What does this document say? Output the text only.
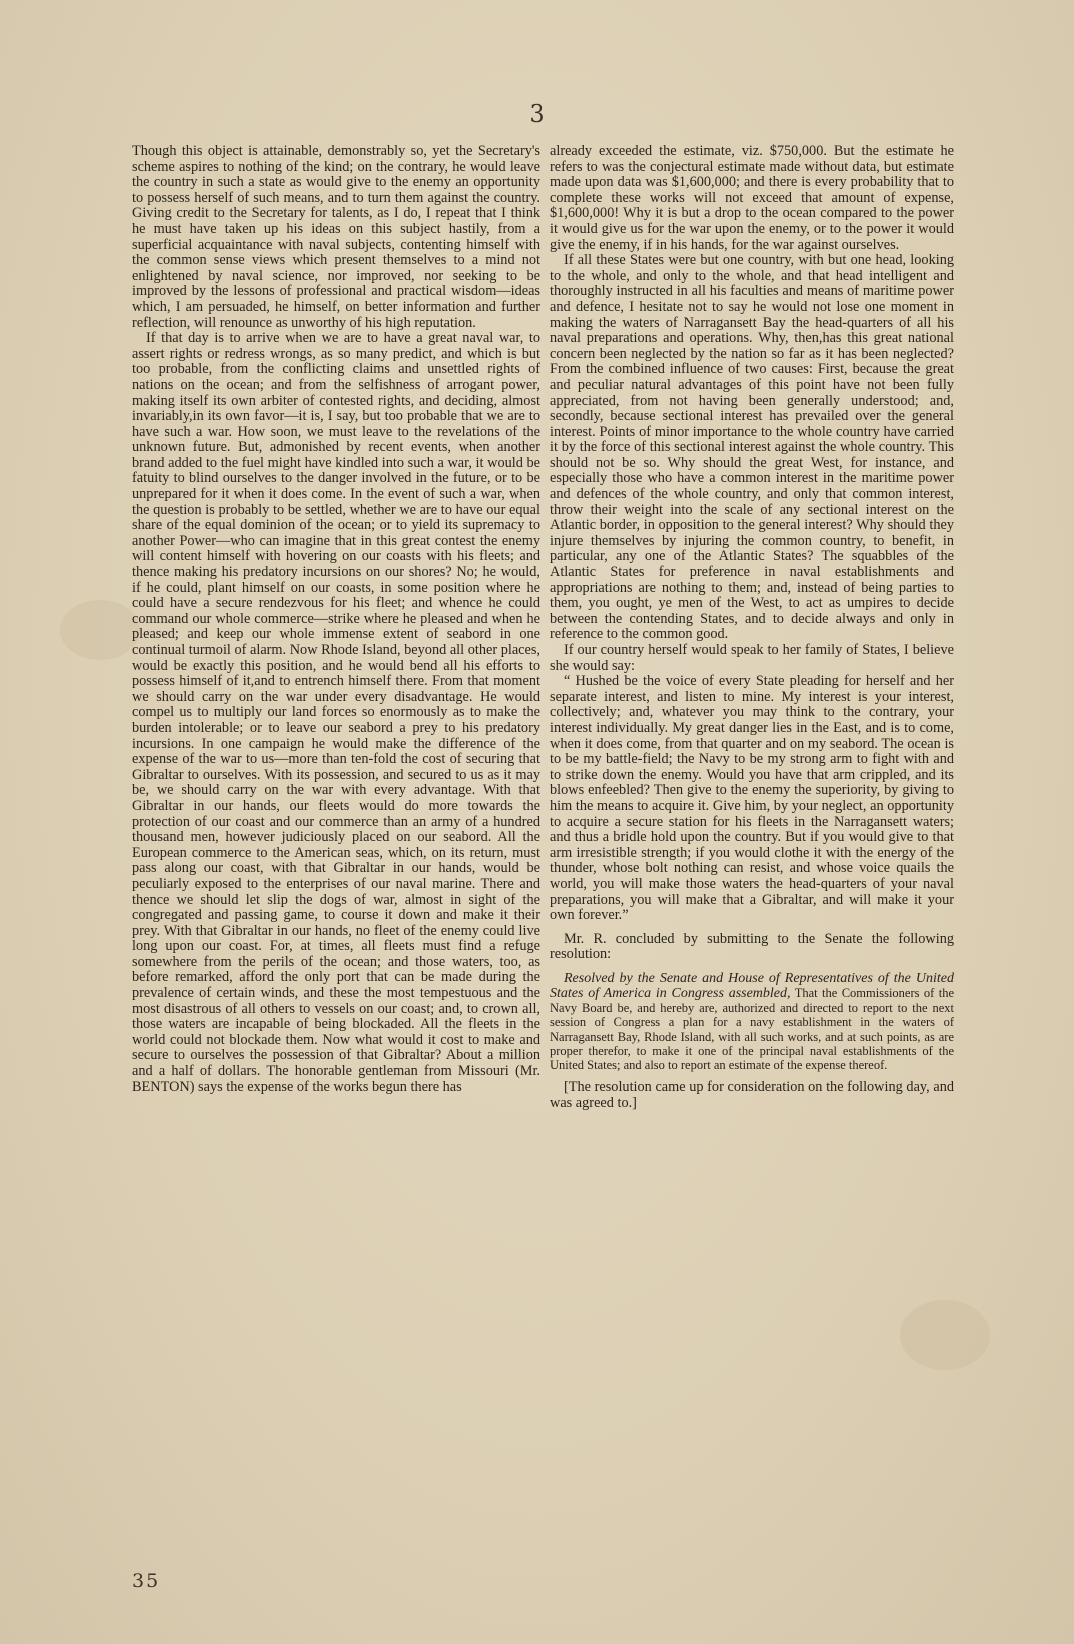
3

Though this object is attainable, demonstrably so, yet the Secretary's scheme aspires to nothing of the kind; on the contrary, he would leave the country in such a state as would give to the enemy an opportunity to possess herself of such means, and to turn them against the country. Giving credit to the Secretary for talents, as I do, I repeat that I think he must have taken up his ideas on this subject hastily, from a superficial acquaintance with naval subjects, contenting himself with the common sense views which present themselves to a mind not enlightened by naval science, nor improved, nor seeking to be improved by the lessons of professional and practical wisdom—ideas which, I am persuaded, he himself, on better information and further reflection, will renounce as unworthy of his high reputation.

If that day is to arrive when we are to have a great naval war, to assert rights or redress wrongs, as so many predict, and which is but too probable, from the conflicting claims and unsettled rights of nations on the ocean; and from the selfishness of arrogant power, making itself its own arbiter of contested rights, and deciding, almost invariably,in its own favor—it is, I say, but too probable that we are to have such a war. How soon, we must leave to the revelations of the unknown future. But, admonished by recent events, when another brand added to the fuel might have kindled into such a war, it would be fatuity to blind ourselves to the danger involved in the future, or to be unprepared for it when it does come. In the event of such a war, when the question is probably to be settled, whether we are to have our equal share of the equal dominion of the ocean; or to yield its supremacy to another Power—who can imagine that in this great contest the enemy will content himself with hovering on our coasts with his fleets; and thence making his predatory incursions on our shores? No; he would, if he could, plant himself on our coasts, in some position where he could have a secure rendezvous for his fleet; and whence he could command our whole commerce—strike where he pleased and when he pleased; and keep our whole immense extent of seabord in one continual turmoil of alarm. Now Rhode Island, beyond all other places, would be exactly this position, and he would bend all his efforts to possess himself of it,and to entrench himself there. From that moment we should carry on the war under every disadvantage. He would compel us to multiply our land forces so enormously as to make the burden intolerable; or to leave our seabord a prey to his predatory incursions. In one campaign he would make the difference of the expense of the war to us—more than ten-fold the cost of securing that Gibraltar to ourselves. With its possession, and secured to us as it may be, we should carry on the war with every advantage. With that Gibraltar in our hands, our fleets would do more towards the protection of our coast and our commerce than an army of a hundred thousand men, however judiciously placed on our seabord. All the European commerce to the American seas, which, on its return, must pass along our coast, with that Gibraltar in our hands, would be peculiarly exposed to the enterprises of our naval marine. There and thence we should let slip the dogs of war, almost in sight of the congregated and passing game, to course it down and make it their prey. With that Gibraltar in our hands, no fleet of the enemy could live long upon our coast. For, at times, all fleets must find a refuge somewhere from the perils of the ocean; and those waters, too, as before remarked, afford the only port that can be made during the prevalence of certain winds, and these the most tempestuous and the most disastrous of all others to vessels on our coast; and, to crown all, those waters are incapable of being blockaded. All the fleets in the world could not blockade them. Now what would it cost to make and secure to ourselves the possession of that Gibraltar? About a million and a half of dollars. The honorable gentleman from Missouri (Mr. BENTON) says the expense of the works begun there has

already exceeded the estimate, viz. $750,000. But the estimate he refers to was the conjectural estimate made without data, but estimate made upon data was $1,600,000; and there is every probability that to complete these works will not exceed that amount of expense, $1,600,000! Why it is but a drop to the ocean compared to the power it would give us for the war upon the enemy, or to the power it would give the enemy, if in his hands, for the war against ourselves.

If all these States were but one country, with but one head, looking to the whole, and only to the whole, and that head intelligent and thoroughly instructed in all his faculties and means of maritime power and defence, I hesitate not to say he would not lose one moment in making the waters of Narragansett Bay the head-quarters of all his naval preparations and operations. Why, then,has this great national concern been neglected by the nation so far as it has been neglected? From the combined influence of two causes: First, because the great and peculiar natural advantages of this point have not been fully appreciated, from not having been generally understood; and, secondly, because sectional interest has prevailed over the general interest. Points of minor importance to the whole country have carried it by the force of this sectional interest against the whole country. This should not be so. Why should the great West, for instance, and especially those who have a common interest in the maritime power and defences of the whole country, and only that common interest, throw their weight into the scale of any sectional interest on the Atlantic border, in opposition to the general interest? Why should they injure themselves by injuring the common country, to benefit, in particular, any one of the Atlantic States? The squabbles of the Atlantic States for preference in naval establishments and appropriations are nothing to them; and, instead of being parties to them, you ought, ye men of the West, to act as umpires to decide between the contending States, and to decide always and only in reference to the common good.

If our country herself would speak to her family of States, I believe she would say:

“ Hushed be the voice of every State pleading for herself and her separate interest, and listen to mine. My interest is your interest, collectively; and, whatever you may think to the contrary, your interest individually. My great danger lies in the East, and is to come, when it does come, from that quarter and on my seabord. The ocean is to be my battle-field; the Navy to be my strong arm to fight with and to strike down the enemy. Would you have that arm crippled, and its blows enfeebled? Then give to the enemy the superiority, by giving to him the means to acquire it. Give him, by your neglect, an opportunity to acquire a secure station for his fleets in the Narragansett waters; and thus a bridle hold upon the country. But if you would give to that arm irresistible strength; if you would clothe it with the energy of the thunder, whose bolt nothing can resist, and whose voice quails the world, you will make those waters the head-quarters of your naval preparations, you will make that a Gibraltar, and will make it your own forever.”

Mr. R. concluded by submitting to the Senate the following resolution:

Resolved by the Senate and House of Representatives of the United States of America in Congress assembled, That the Commissioners of the Navy Board be, and hereby are, authorized and directed to report to the next session of Congress a plan for a navy establishment in the waters of Narragansett Bay, Rhode Island, with all such works, and at such points, as are proper therefor, to make it one of the principal naval establishments of the United States; and also to report an estimate of the expense thereof.

[The resolution came up for consideration on the following day, and was agreed to.]

35
